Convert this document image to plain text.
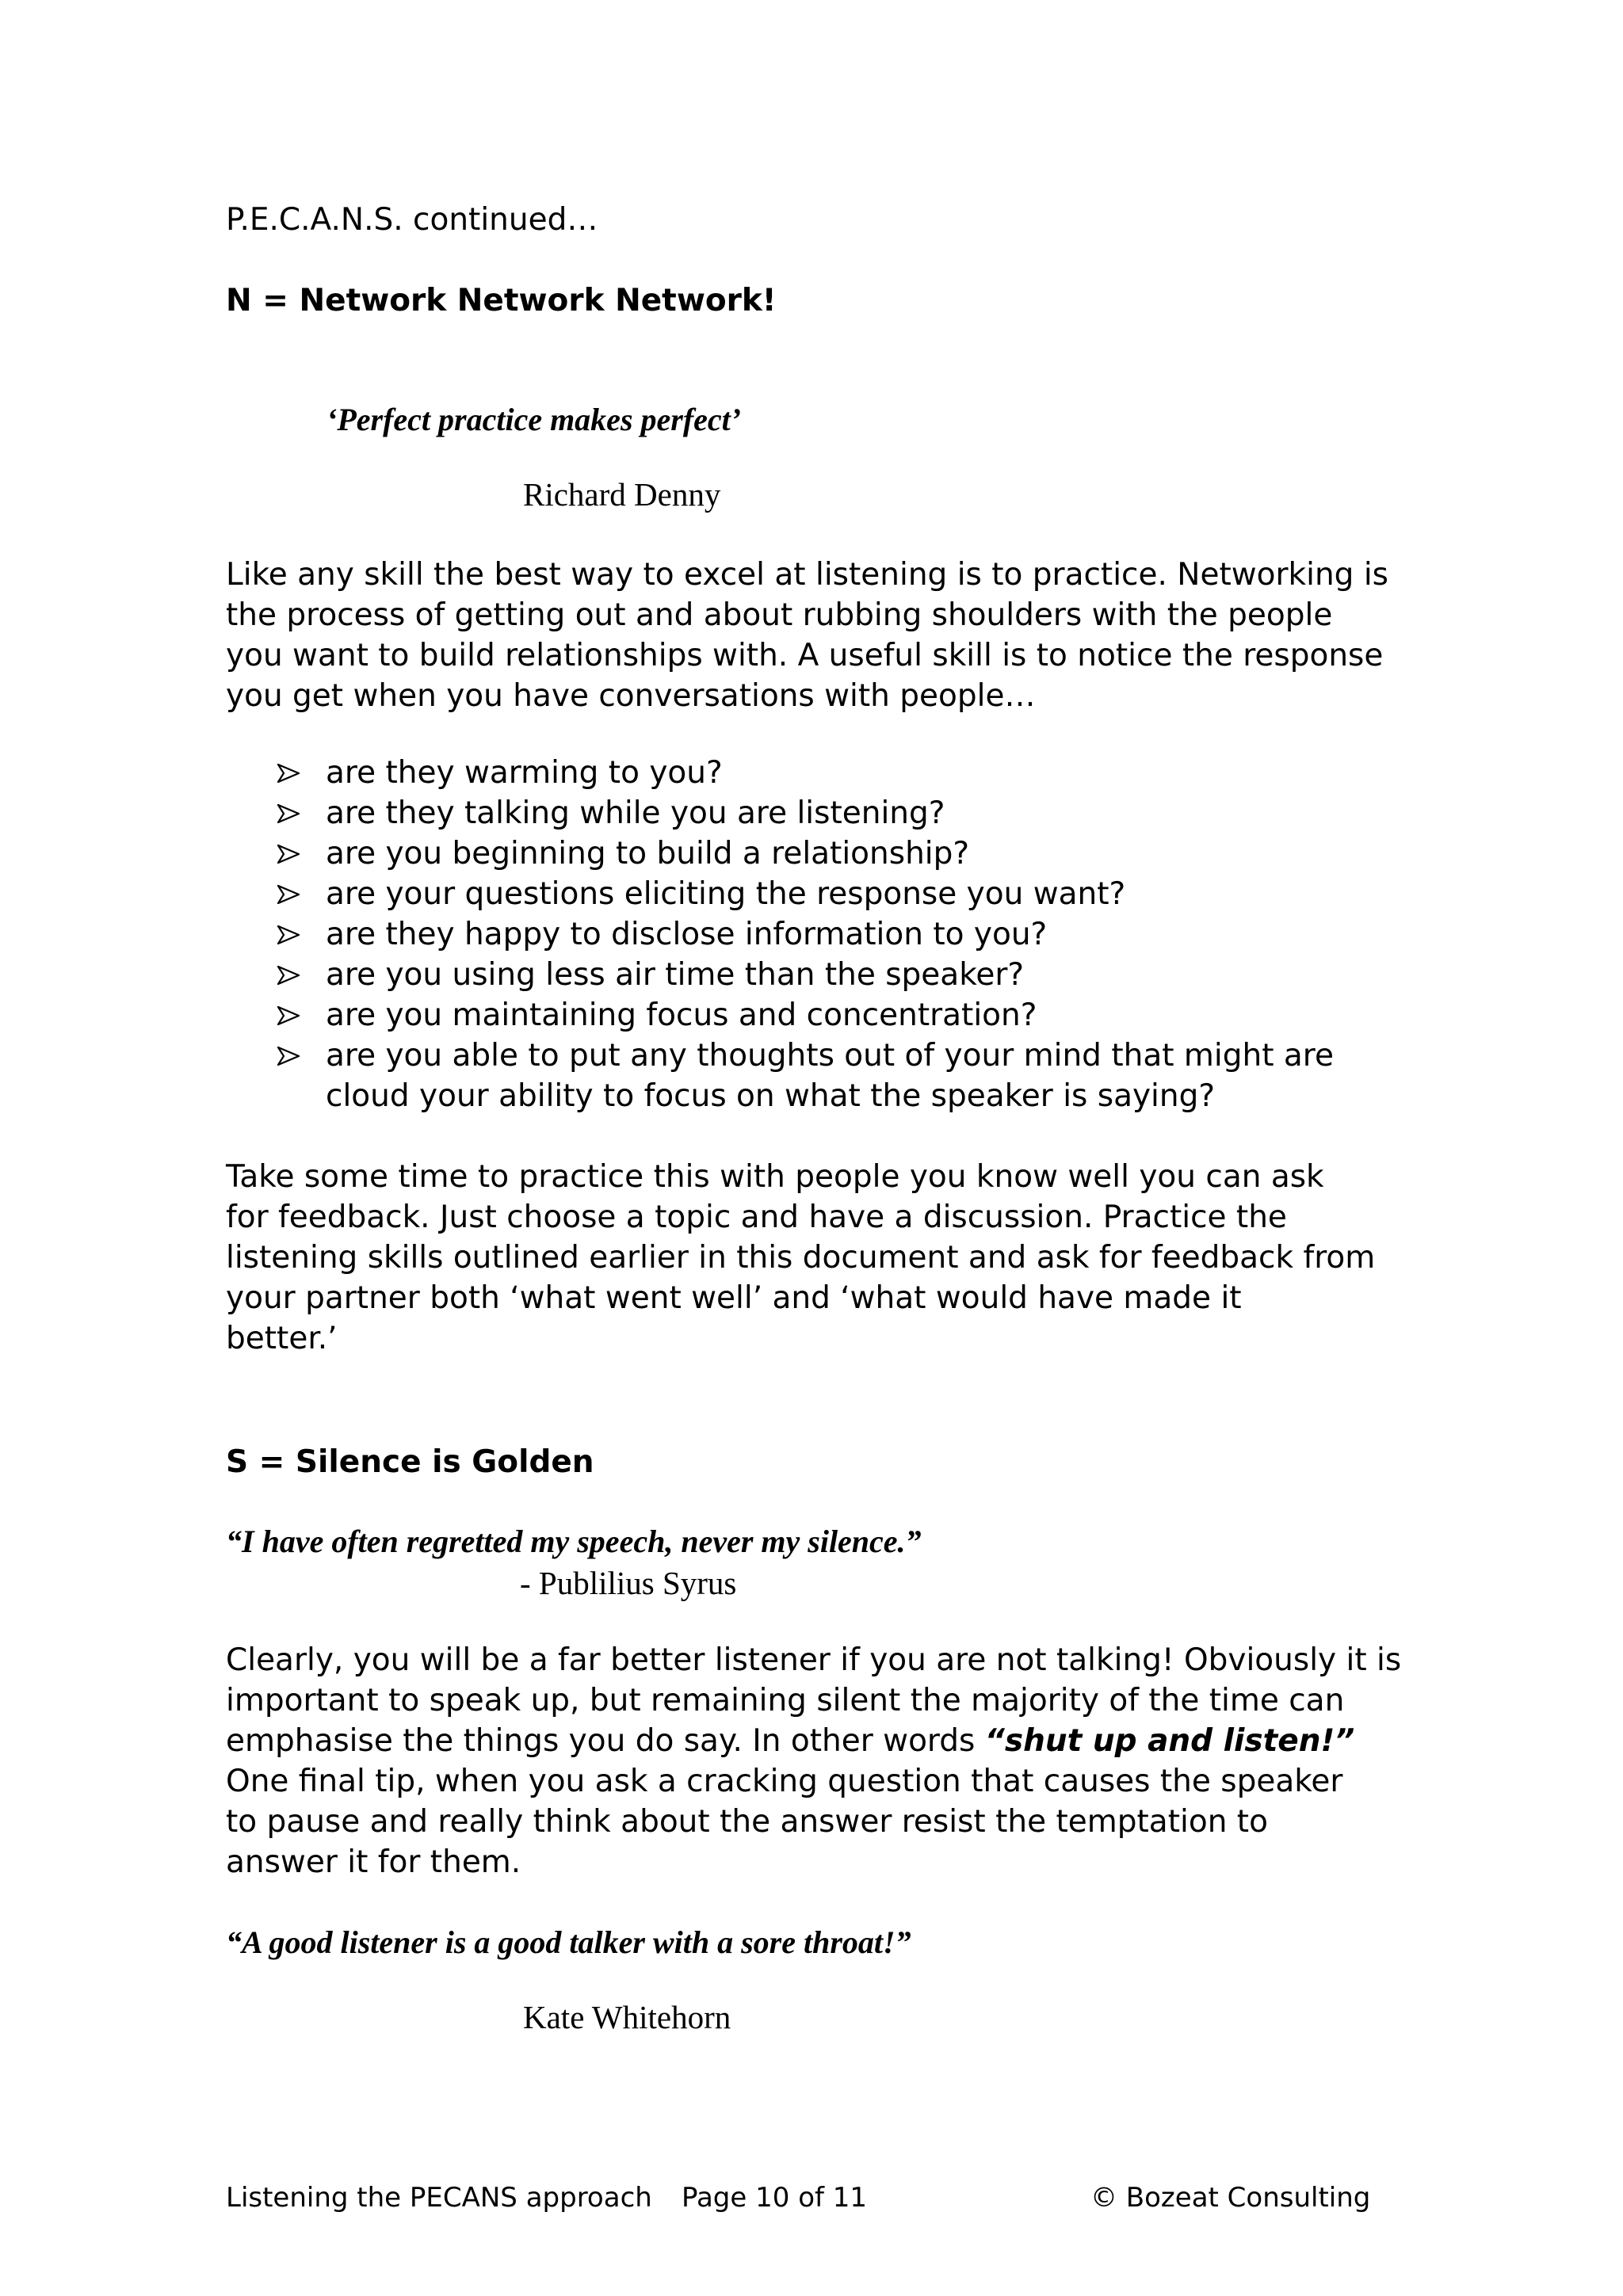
P.E.C.A.N.S. continued…
N = Network Network Network!
‘Perfect practice makes perfect’
Richard Denny
Like any skill the best way to excel at listening is to practice. Networking is
the process of getting out and about rubbing shoulders with the people
you want to build relationships with. A useful skill is to notice the response
you get when you have conversations with people…
are they warming to you?
are they talking while you are listening?
are you beginning to build a relationship?
are your questions eliciting the response you want?
are they happy to disclose information to you?
are you using less air time than the speaker?
are you maintaining focus and concentration?
are you able to put any thoughts out of your mind that might are
cloud your ability to focus on what the speaker is saying?
Take some time to practice this with people you know well you can ask
for feedback. Just choose a topic and have a discussion. Practice the
listening skills outlined earlier in this document and ask for feedback from
your partner both ‘what went well’ and ‘what would have made it
better.’
S = Silence is Golden
“I have often regretted my speech, never my silence.”
- Publilius Syrus
Clearly, you will be a far better listener if you are not talking! Obviously it is
important to speak up, but remaining silent the majority of the time can
emphasise the things you do say. In other words “shut up and listen!”
One final tip, when you ask a cracking question that causes the speaker
to pause and really think about the answer resist the temptation to
answer it for them.
“A good listener is a good talker with a sore throat!”
Kate Whitehorn
Listening the PECANS approach Page 10 of 11	© Bozeat Consulting
